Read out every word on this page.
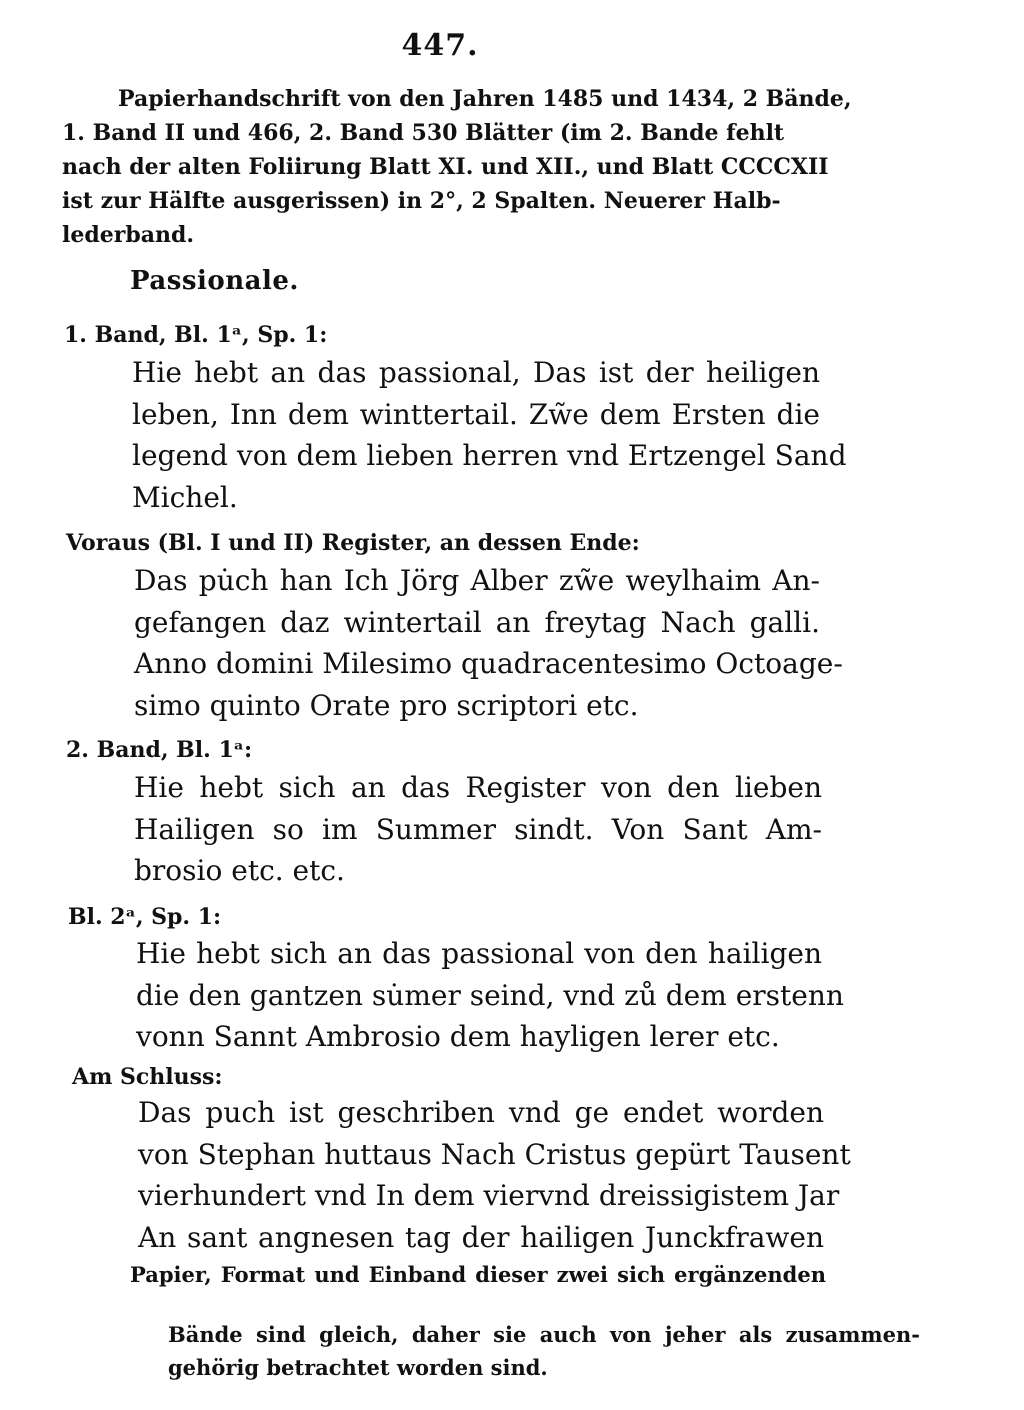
447.
Papierhandschrift von den Jahren 1485 und 1434, 2 Bände,
1. Band II und 466, 2. Band 530 Blätter (im 2. Bande fehlt
nach der alten Foliirung Blatt XI. und XII., und Blatt CCCCXII
ist zur Hälfte ausgerissen) in 2°, 2 Spalten. Neuerer Halb-
lederband.
Passionale.
1. Band, Bl. 1ᵃ, Sp. 1:
Hie hebt an das passional, Das ist der heiligen
leben, Inn dem winttertail. Zw̃e dem Ersten die
legend von dem lieben herren vnd Ertzengel Sand
Michel.
Voraus (Bl. I und II) Register, an dessen Ende:
Das pu̇ch han Ich Jörg Alber zw̃e weylhaim An-
gefangen daz wintertail an freytag Nach galli.
Anno domini Milesimo quadracentesimo Octoage-
simo quinto Orate pro scriptori etc.
2. Band, Bl. 1ᵃ:
Hie hebt sich an das Register von den lieben
Hailigen so im Summer sindt. Von Sant Am-
brosio etc. etc.
Bl. 2ᵃ, Sp. 1:
Hie hebt sich an das passional von den hailigen
die den gantzen su̇mer seind, vnd zů dem erstenn
vonn Sannt Ambrosio dem hayligen lerer etc.
Am Schluss:
Das puch ist geschriben vnd ge endet worden
von Stephan huttaus Nach Cristus gepürt Tausent
vierhundert vnd In dem viervnd dreissigistem Jar
An sant angnesen tag der hailigen Junckfrawen
Papier, Format und Einband dieser zwei sich ergänzenden
Bände sind gleich, daher sie auch von jeher als zusammen-
gehörig betrachtet worden sind.
